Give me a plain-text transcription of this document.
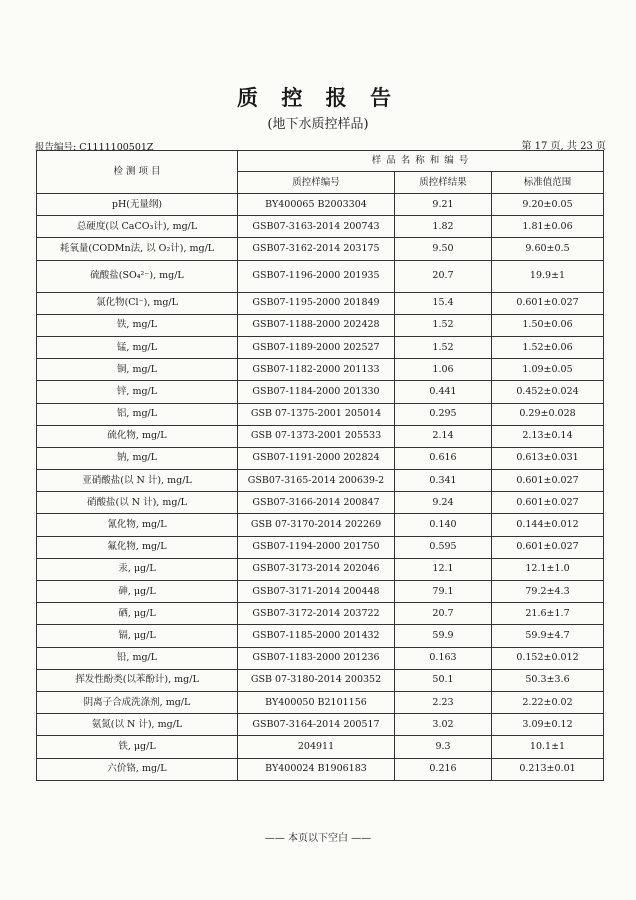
质 控 报 告
(地下水质控样品)
报告编号: C1111100501Z	第 17 页, 共 23 页
检 测 项 目	样 品 名 称 和 编 号		
	质控样编号	质控样结果	标准值范围
pH(无量纲)	BY400065 B2003304	9.21	9.20±0.05
总硬度(以 CaCO₃计), mg/L	GSB07-3163-2014 200743	1.82	1.81±0.06
耗氧量(CODMn法, 以 O₂计), mg/L	GSB07-3162-2014 203175	9.50	9.60±0.5
硫酸盐(SO₄²⁻), mg/L	GSB07-1196-2000 201935	20.7	19.9±1
氯化物(Cl⁻), mg/L	GSB07-1195-2000 201849	15.4	0.601±0.027
铁, mg/L	GSB07-1188-2000 202428	1.52	1.50±0.06
锰, mg/L	GSB07-1189-2000 202527	1.52	1.52±0.06
铜, mg/L	GSB07-1182-2000 201133	1.06	1.09±0.05
锌, mg/L	GSB07-1184-2000 201330	0.441	0.452±0.024
铝, mg/L	GSB 07-1375-2001 205014	0.295	0.29±0.028
硫化物, mg/L	GSB 07-1373-2001 205533	2.14	2.13±0.14
钠, mg/L	GSB07-1191-2000 202824	0.616	0.613±0.031
亚硝酸盐(以 N 计), mg/L	GSB07-3165-2014 200639-2	0.341	0.601±0.027
硝酸盐(以 N 计), mg/L	GSB07-3166-2014 200847	9.24	0.601±0.027
氰化物, mg/L	GSB 07-3170-2014 202269	0.140	0.144±0.012
氟化物, mg/L	GSB07-1194-2000 201750	0.595	0.601±0.027
汞, μg/L	GSB07-3173-2014 202046	12.1	12.1±1.0
砷, μg/L	GSB07-3171-2014 200448	79.1	79.2±4.3
硒, μg/L	GSB07-3172-2014 203722	20.7	21.6±1.7
镉, μg/L	GSB07-1185-2000 201432	59.9	59.9±4.7
铅, mg/L	GSB07-1183-2000 201236	0.163	0.152±0.012
挥发性酚类(以苯酚计), mg/L	GSB 07-3180-2014 200352	50.1	50.3±3.6
阴离子合成洗涤剂, mg/L	BY400050 B2101156	2.23	2.22±0.02
氨氮(以 N 计), mg/L	GSB07-3164-2014 200517	3.02	3.09±0.12
铁, μg/L	204911	9.3	10.1±1
六价铬, mg/L	BY400024 B1906183	0.216	0.213±0.01
—— 本页以下空白 ——
